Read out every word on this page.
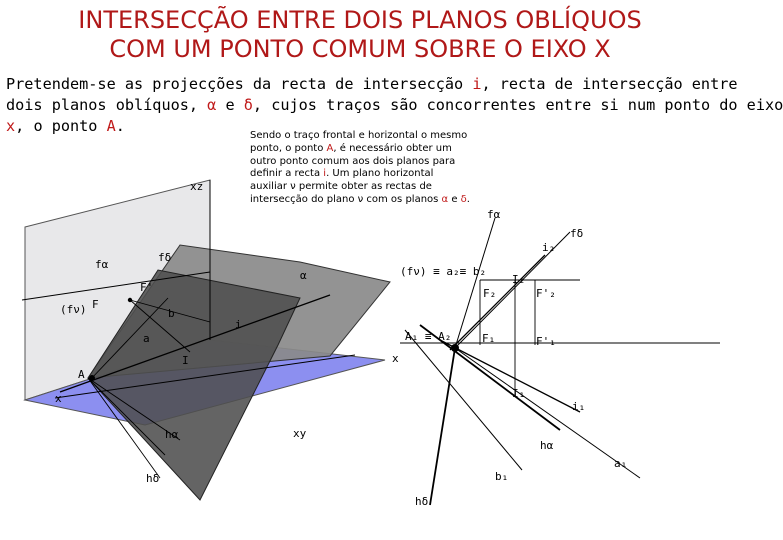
INTERSECÇÃO ENTRE DOIS PLANOS OBLÍQUOS
COM UM PONTO COMUM SOBRE O EIXO X
Pretendem-se as projecções da recta de intersecção i, recta de intersecção entre
dois planos oblíquos, α e δ, cujos traços são concorrentes entre si num ponto do eixo
x, o ponto A.
Sendo o traço frontal e horizontal o mesmo ponto, o ponto A, é necessário obter um outro ponto comum aos dois planos para definir a recta i. Um plano horizontal auxiliar ν permite obter as rectas de intersecção do plano ν com os planos α e δ.
xz
fα
fδ
α
F'
(fν) F
b
a
i
I
A
x
hα	xy
hδ
fα
fδ
i₂
(fν) ≡ a₂≡ b₂
I₂
F₂	F'₂
A₁ ≡ A₂	F₁	F'₁
x
I₁
i₁
hα
a₁
b₁
hδ
